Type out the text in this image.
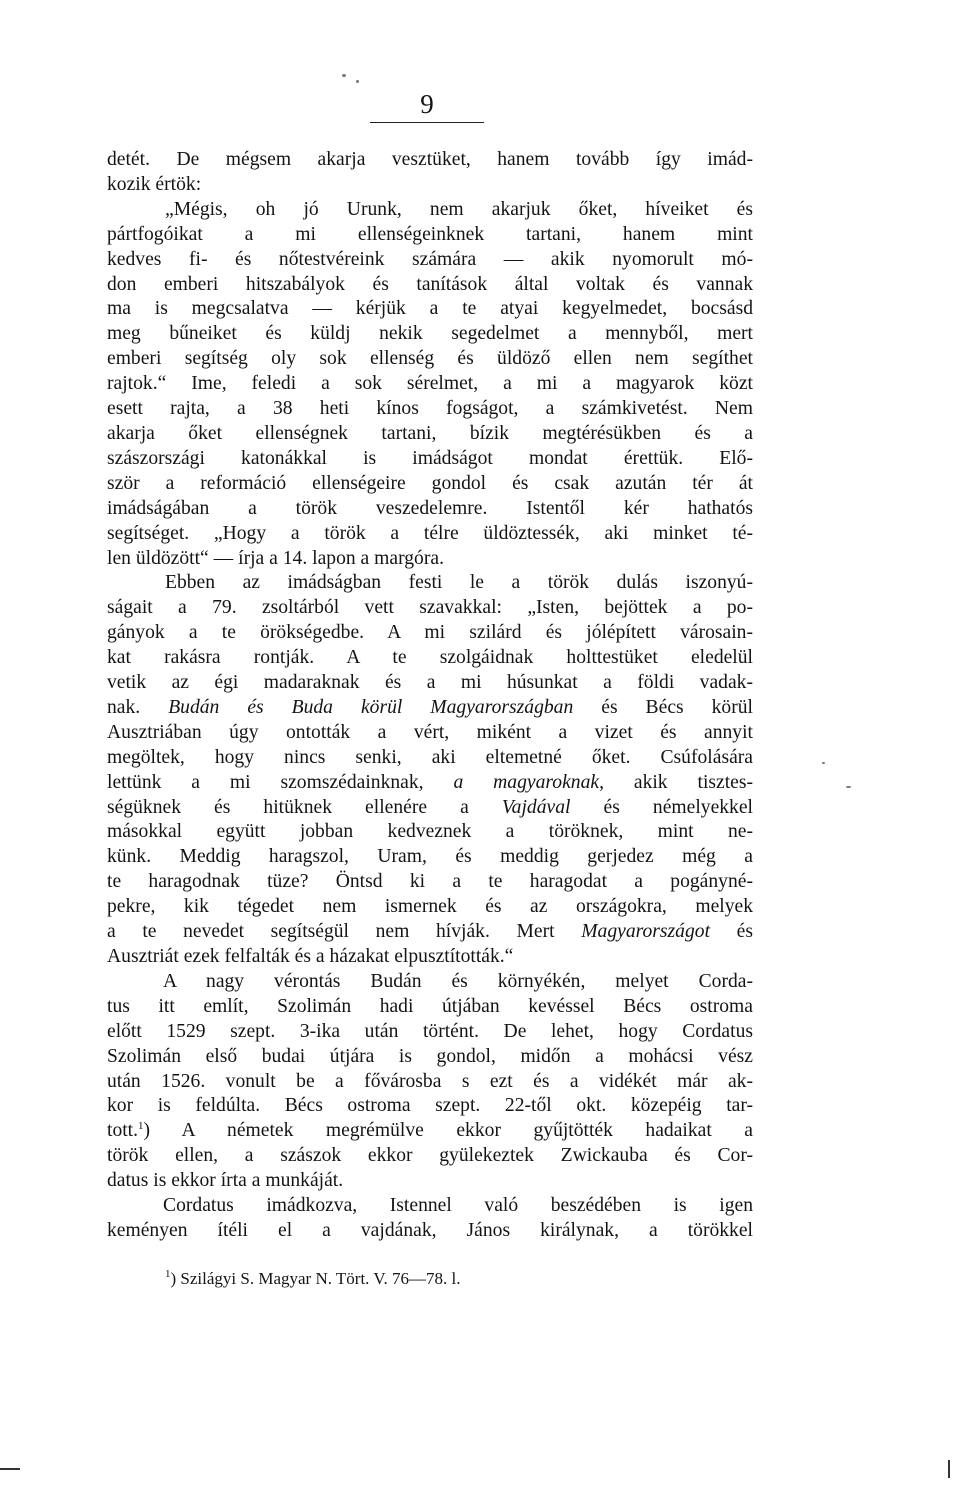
9
detét. De mégsem akarja vesztüket, hanem tovább így imád-
kozik értök:
„Mégis, oh jó Urunk, nem akarjuk őket, híveiket és
pártfogóikat a mi ellenségeinknek tartani, hanem mint
kedves fi- és nőtestvéreink számára — akik nyomorult mó-
don emberi hitszabályok és tanítások által voltak és vannak
ma is megcsalatva — kérjük a te atyai kegyelmedet, bocsásd
meg bűneiket és küldj nekik segedelmet a mennyből, mert
emberi segítség oly sok ellenség és üldöző ellen nem segíthet
rajtok.“ Ime, feledi a sok sérelmet, a mi a magyarok közt
esett rajta, a 38 heti kínos fogságot, a számkivetést. Nem
akarja őket ellenségnek tartani, bízik megtérésükben és a
szászországi katonákkal is imádságot mondat érettük. Elő-
ször a reformáció ellenségeire gondol és csak azután tér át
imádságában a török veszedelemre. Istentől kér hathatós
segítséget. „Hogy a török a télre üldöztessék, aki minket té-
len üldözött“ — írja a 14. lapon a margóra.
Ebben az imádságban festi le a török dulás iszonyú-
ságait a 79. zsoltárból vett szavakkal: „Isten, bejöttek a po-
gányok a te örökségedbe. A mi szilárd és jólépített városain-
kat rakásra rontják. A te szolgáidnak holttestüket eledelül
vetik az égi madaraknak és a mi húsunkat a földi vadak-
nak. Budán és Buda körül Magyarországban és Bécs körül
Ausztriában úgy ontották a vért, miként a vizet és annyit
megöltek, hogy nincs senki, aki eltemetné őket. Csúfolására
lettünk a mi szomszédainknak, a magyaroknak, akik tisztes-
ségüknek és hitüknek ellenére a Vajdával és némelyekkel
másokkal együtt jobban kedveznek a töröknek, mint ne-
künk. Meddig haragszol, Uram, és meddig gerjedez még a
te haragodnak tüze? Öntsd ki a te haragodat a pogányné-
pekre, kik tégedet nem ismernek és az országokra, melyek
a te nevedet segítségül nem hívják. Mert Magyarországot és
Ausztriát ezek felfalták és a házakat elpusztították.“
A nagy vérontás Budán és környékén, melyet Corda-
tus itt említ, Szolimán hadi útjában kevéssel Bécs ostroma
előtt 1529 szept. 3-ika után történt. De lehet, hogy Cordatus
Szolimán első budai útjára is gondol, midőn a mohácsi vész
után 1526. vonult be a fővárosba s ezt és a vidékét már ak-
kor is feldúlta. Bécs ostroma szept. 22-től okt. közepéig tar-
tott.$^1$) A németek megrémülve ekkor gyűjtötték hadaikat a
török ellen, a szászok ekkor gyülekeztek Zwickauba és Cor-
datus is ekkor írta a munkáját.
Cordatus imádkozva, Istennel való beszédében is igen
keményen ítéli el a vajdának, János királynak, a törökkel
$^1$) Szilágyi S. Magyar N. Tört. V. 76—78. l.
